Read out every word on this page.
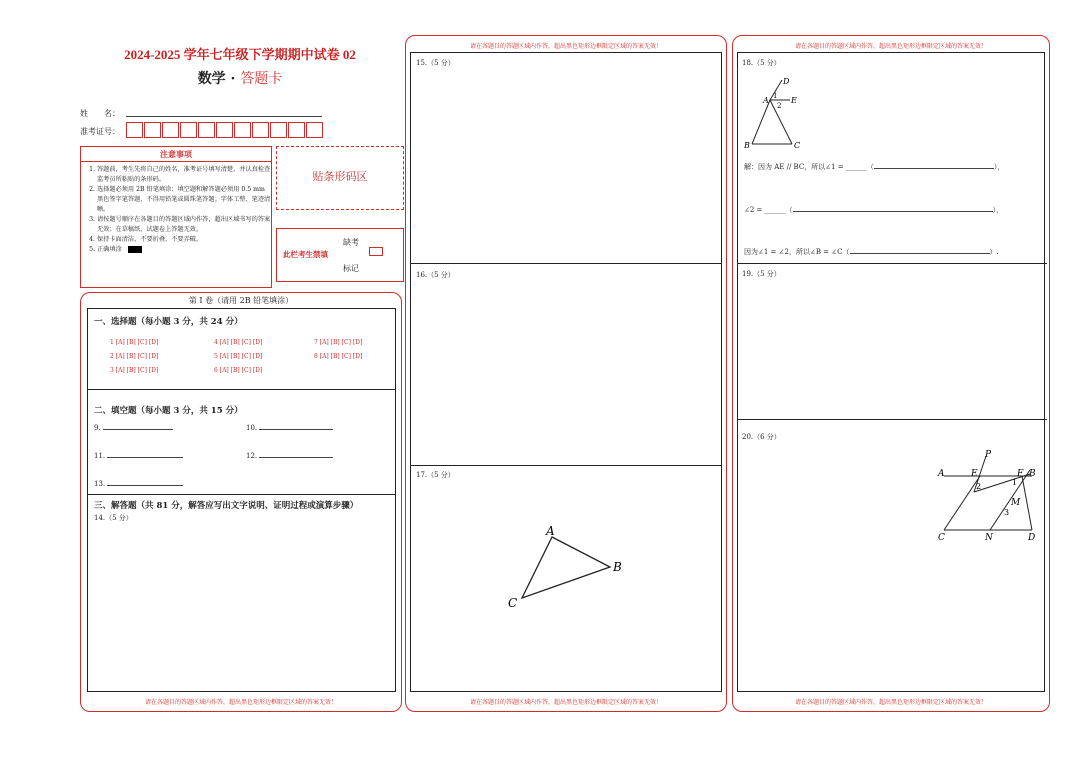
2024-2025 学年七年级下学期期中试卷 02
数学 · 答题卡
姓　　名：
准考证号：
注意事项
1. 答题前，考生先将自己的姓名，准考证号填写清楚，并认真检查监考员所粘贴的条形码。
2. 选择题必须用 2B 铅笔填涂；填空题和解答题必须用 0.5 mm 黑色签字笔答题，不得用铅笔或圆珠笔答题；字体工整、笔迹清晰。
3. 请按题号顺序在各题目的答题区域内作答，超出区域书写的答案无效；在草稿纸、试题卷上答题无效。
4. 保持卡面清洁，不要折叠、不要弄破。
5. 正确填涂
贴条形码区
此栏考生禁填
缺考
标记
第 I 卷（请用 2B 铅笔填涂）
一、选择题（每小题 3 分，共 24 分）
1 [A] [B] [C] [D]	4 [A] [B] [C] [D]	7 [A] [B] [C] [D]
2 [A] [B] [C] [D]	5 [A] [B] [C] [D]	8 [A] [B] [C] [D]
3 [A] [B] [C] [D]	6 [A] [B] [C] [D]
二、填空题（每小题 3 分，共 15 分）
9.	10.
11.	12.
13.
三、解答题（共 81 分，解答应写出文字说明、证明过程或演算步骤）
14.（5 分）
请在各题目的答题区域内作答，超出黑色矩形边框限定区域的答案无效！
请在各题目的答题区域内作答，超出黑色矩形边框限定区域的答案无效！
15.（5 分）
16.（5 分）
17.（5 分）
A
B
C
请在各题目的答题区域内作答，超出黑色矩形边框限定区域的答案无效！
请在各题目的答题区域内作答，超出黑色矩形边框限定区域的答案无效！
18.（5 分）
D
A	E
1
2
B	C
解：因为 AE // BC，所以∠1 = ______（	），
∠2 = ______（	），
因为∠1 = ∠2，所以∠B = ∠C（	）.
19.（5 分）
20.（6 分）
P
A	E	F B
M
C	N	D
1
2
3
请在各题目的答题区域内作答，超出黑色矩形边框限定区域的答案无效！
